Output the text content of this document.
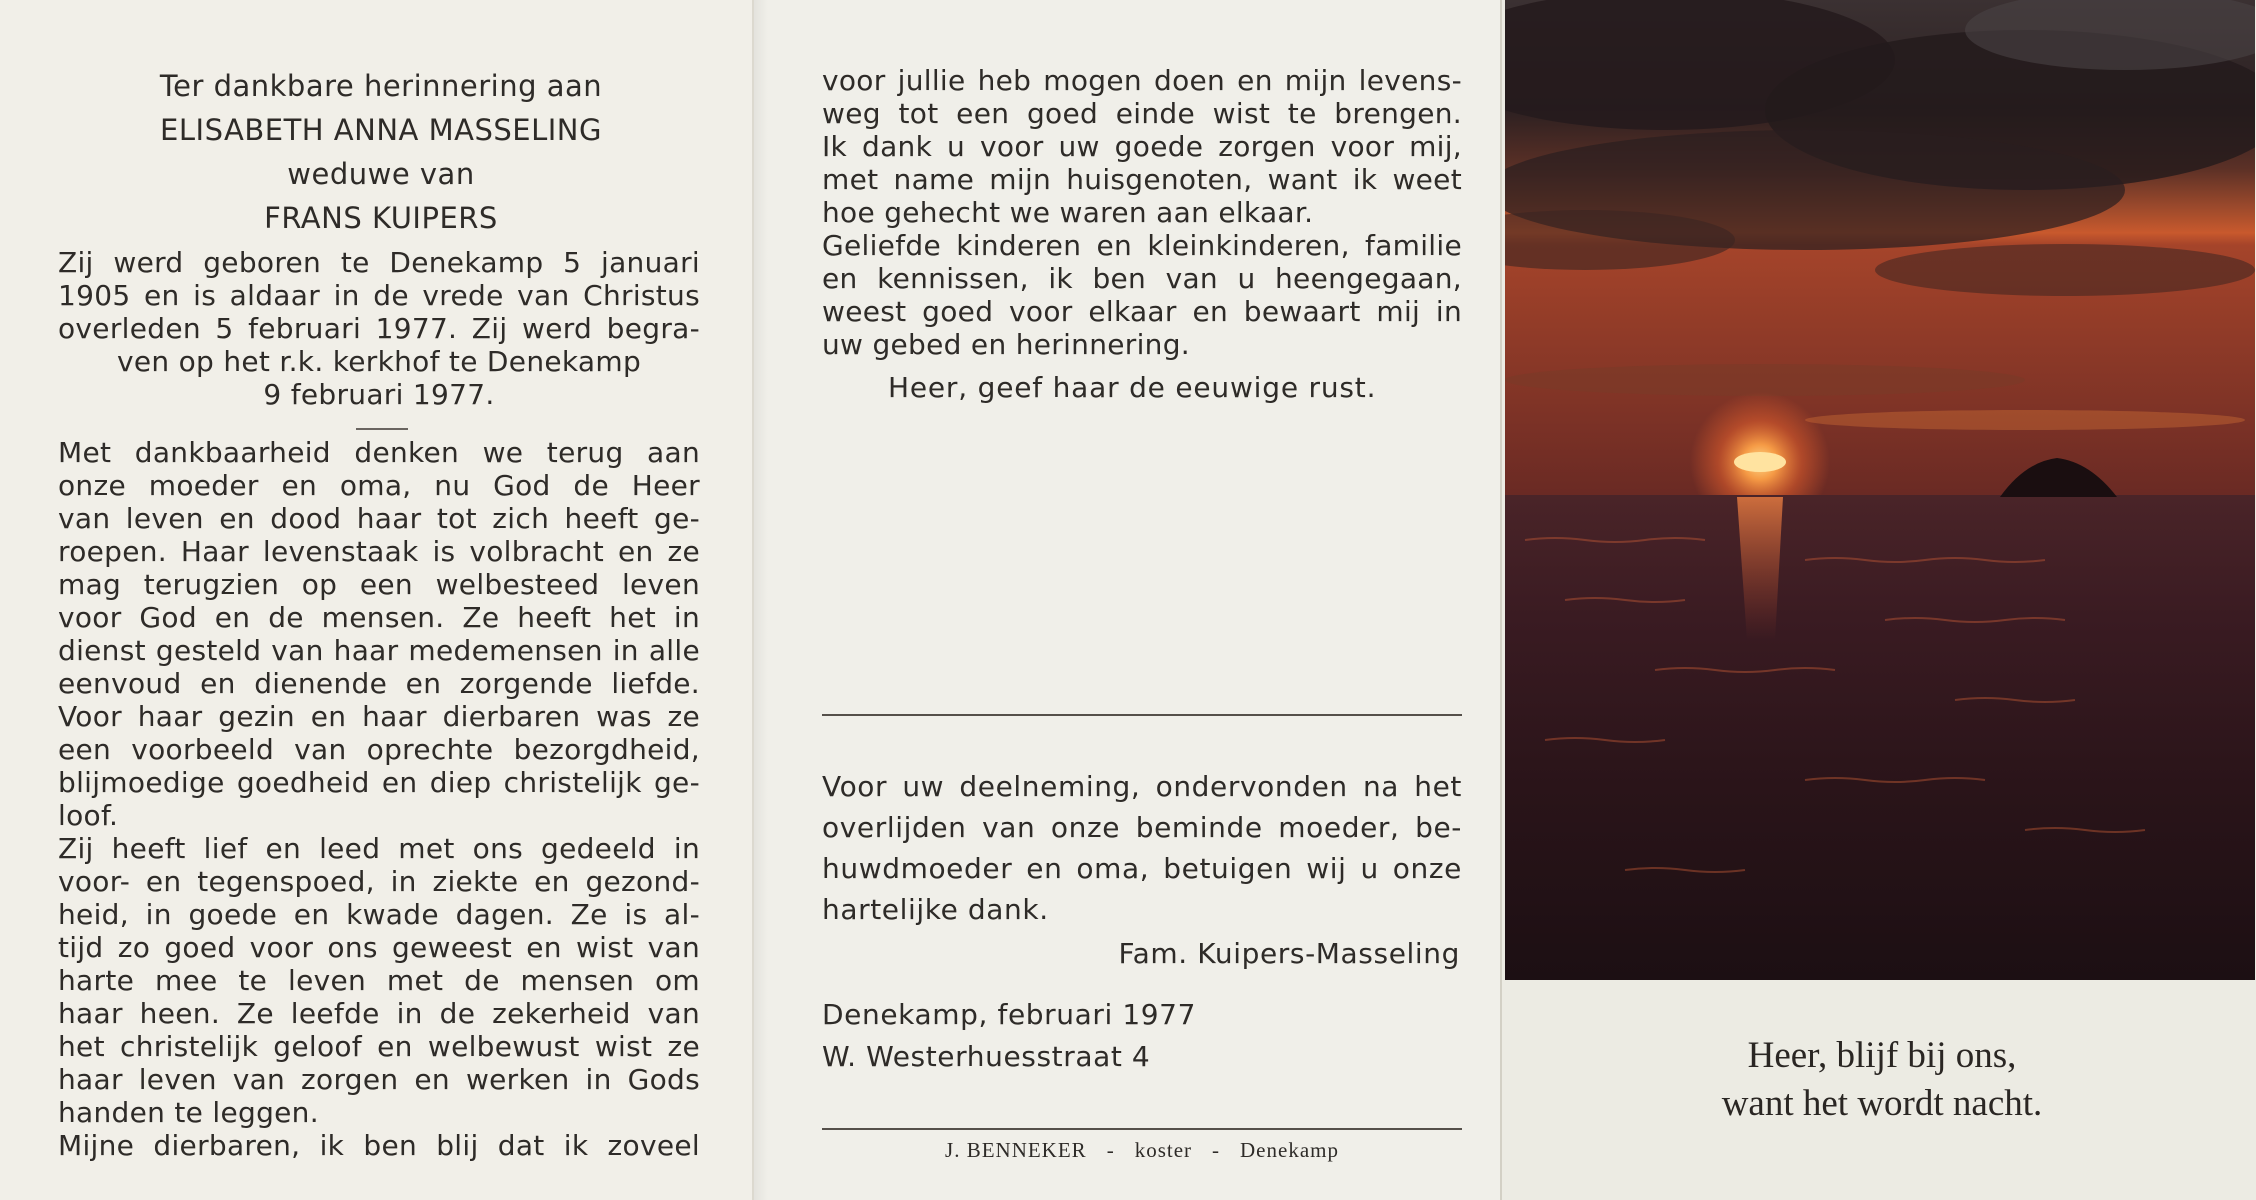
Ter dankbare herinnering aan
ELISABETH ANNA MASSELING
weduwe van
FRANS KUIPERS
Zij werd geboren te Denekamp 5 januari
1905 en is aldaar in de vrede van Christus
overleden 5 februari 1977. Zij werd begra-
ven op het r.k. kerkhof te Denekamp
9 februari 1977.
Met dankbaarheid denken we terug aan
onze moeder en oma, nu God de Heer
van leven en dood haar tot zich heeft ge-
roepen. Haar levenstaak is volbracht en ze
mag terugzien op een welbesteed leven
voor God en de mensen. Ze heeft het in
dienst gesteld van haar medemensen in alle
eenvoud en dienende en zorgende liefde.
Voor haar gezin en haar dierbaren was ze
een voorbeeld van oprechte bezorgdheid,
blijmoedige goedheid en diep christelijk ge-
loof.
Zij heeft lief en leed met ons gedeeld in
voor- en tegenspoed, in ziekte en gezond-
heid, in goede en kwade dagen. Ze is al-
tijd zo goed voor ons geweest en wist van
harte mee te leven met de mensen om
haar heen. Ze leefde in de zekerheid van
het christelijk geloof en welbewust wist ze
haar leven van zorgen en werken in Gods
handen te leggen.
Mijne dierbaren, ik ben blij dat ik zoveel
voor jullie heb mogen doen en mijn levens-
weg tot een goed einde wist te brengen.
Ik dank u voor uw goede zorgen voor mij,
met name mijn huisgenoten, want ik weet
hoe gehecht we waren aan elkaar.
Geliefde kinderen en kleinkinderen, familie
en kennissen, ik ben van u heengegaan,
weest goed voor elkaar en bewaart mij in
uw gebed en herinnering.
Heer, geef haar de eeuwige rust.
Voor uw deelneming, ondervonden na het
overlijden van onze beminde moeder, be-
huwdmoeder en oma, betuigen wij u onze
hartelijke dank.
Fam. Kuipers-Masseling
Denekamp, februari 1977
W. Westerhuesstraat 4
J. BENNEKER - koster - Denekamp
Heer, blijf bij ons,
want het wordt nacht.
